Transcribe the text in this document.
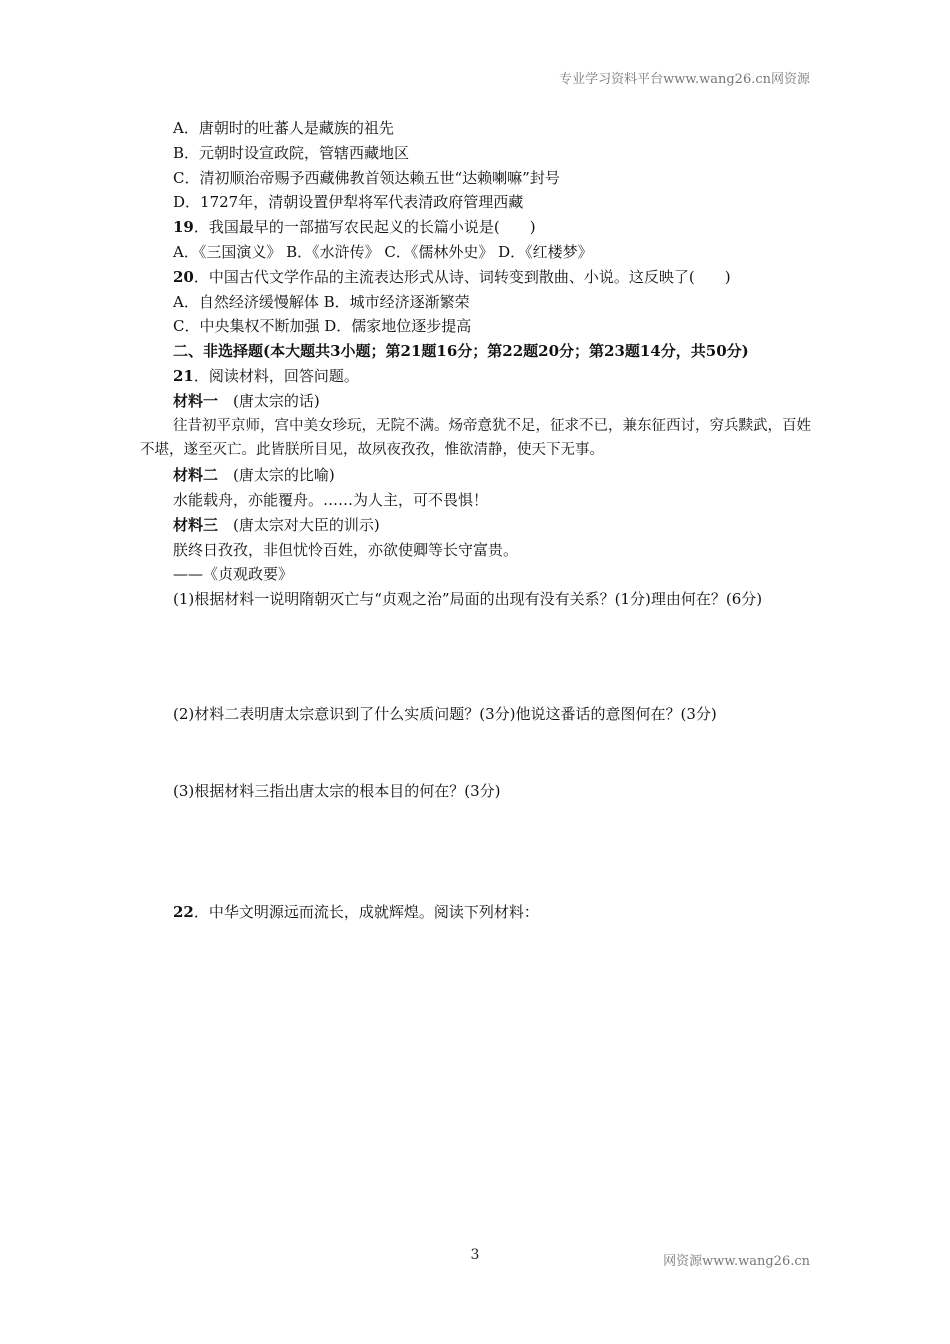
专业学习资料平台www.wang26.cn网资源
A．唐朝时的吐蕃人是藏族的祖先
B．元朝时设宣政院，管辖西藏地区
C．清初顺治帝赐予西藏佛教首领达赖五世“达赖喇嘛”封号
D．1727年，清朝设置伊犁将军代表清政府管理西藏
19．我国最早的一部描写农民起义的长篇小说是(　　)
A．《三国演义》 B．《水浒传》 C．《儒林外史》 D．《红楼梦》
20．中国古代文学作品的主流表达形式从诗、词转变到散曲、小说。这反映了(　　)
A．自然经济缓慢解体 B．城市经济逐渐繁荣
C．中央集权不断加强 D．儒家地位逐步提高
二、非选择题(本大题共3小题；第21题16分；第22题20分；第23题14分，共50分)
21．阅读材料，回答问题。
材料一　(唐太宗的话)
往昔初平京师，宫中美女珍玩，无院不满。炀帝意犹不足，征求不已，兼东征西讨，穷兵黩武，百姓不堪，遂至灭亡。此皆朕所目见，故夙夜孜孜，惟欲清静，使天下无事。
材料二　(唐太宗的比喻)
水能载舟，亦能覆舟。……为人主，可不畏惧！
材料三　(唐太宗对大臣的训示)
朕终日孜孜，非但忧怜百姓，亦欲使卿等长守富贵。
——《贞观政要》
(1)根据材料一说明隋朝灭亡与“贞观之治”局面的出现有没有关系？(1分)理由何在？(6分)
(2)材料二表明唐太宗意识到了什么实质问题？(3分)他说这番话的意图何在？(3分)
(3)根据材料三指出唐太宗的根本目的何在？(3分)
22．中华文明源远而流长，成就辉煌。阅读下列材料：
3	网资源www.wang26.cn
